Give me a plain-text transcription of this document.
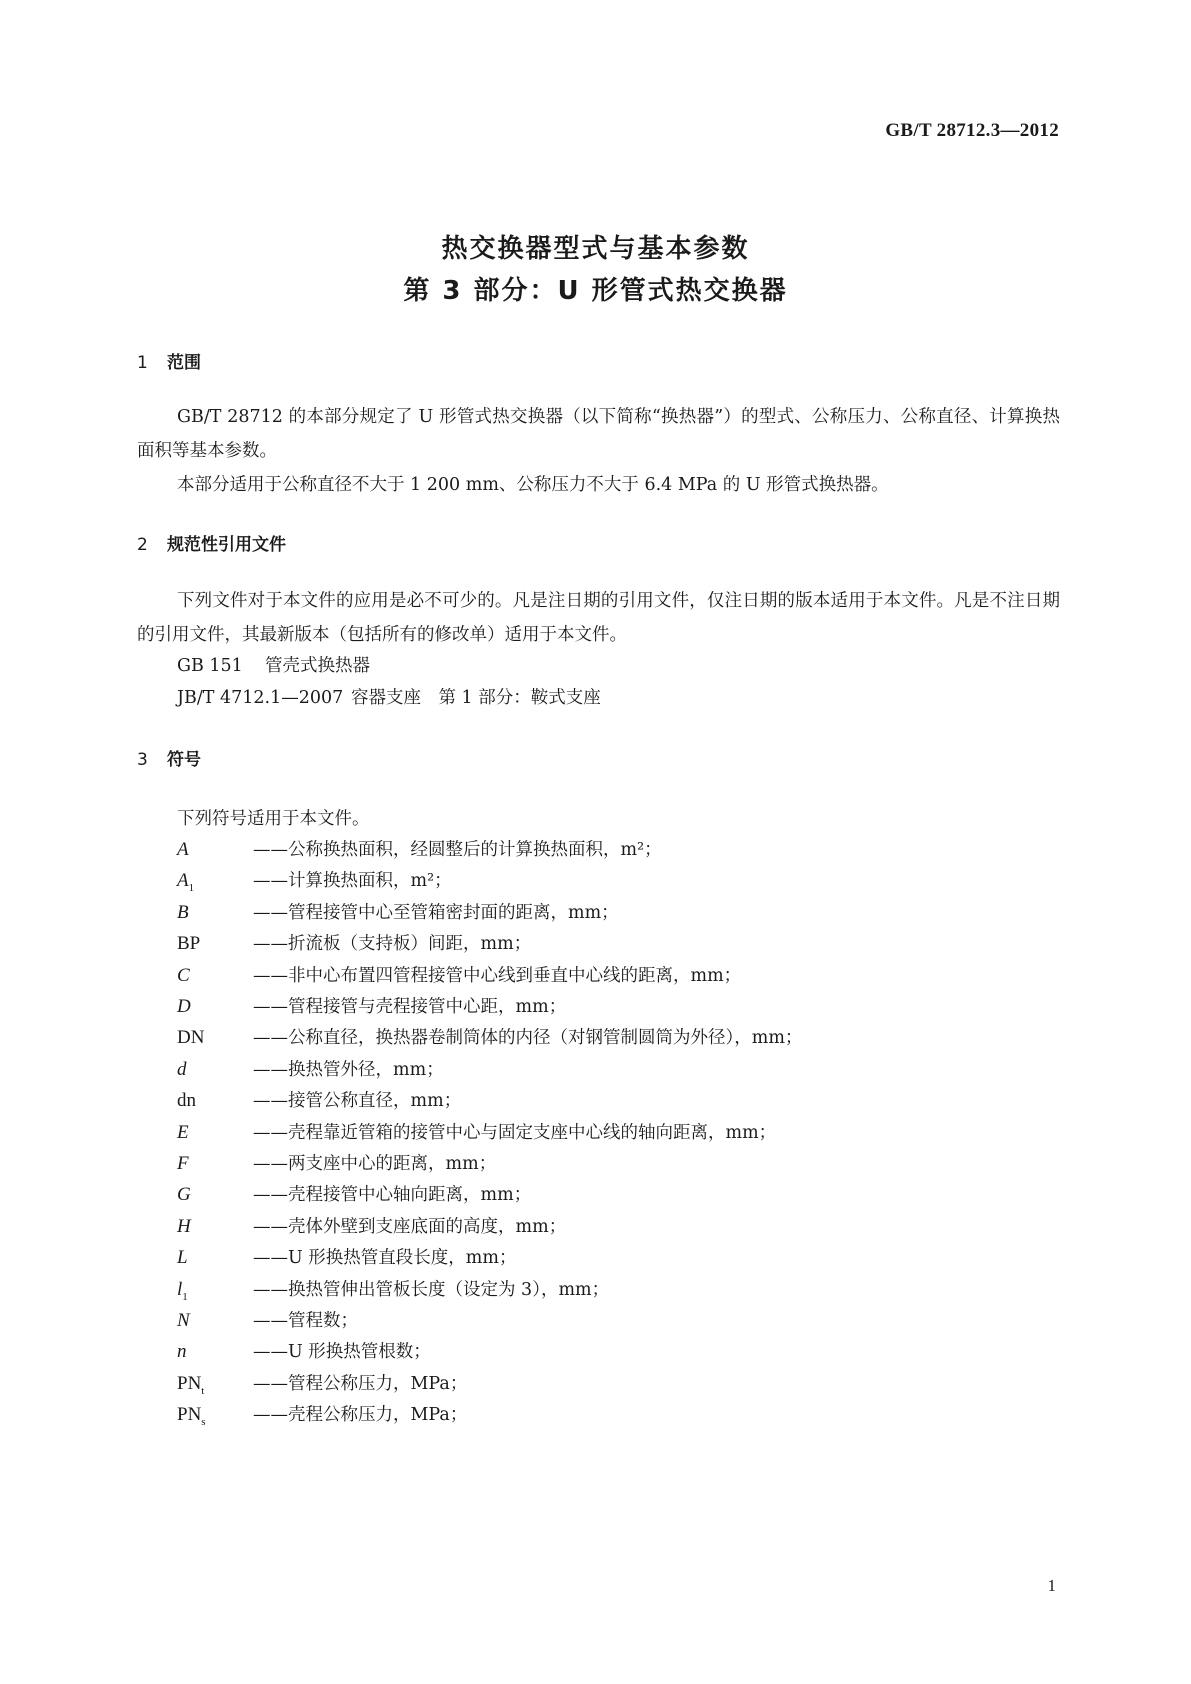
GB/T 28712.3—2012
热交换器型式与基本参数
第 3 部分：U 形管式热交换器
1 范围

GB/T 28712 的本部分规定了 U 形管式热交换器（以下简称“换热器”）的型式、公称压力、公称直径、计算换热面积等基本参数。

本部分适用于公称直径不大于 1 200 mm、公称压力不大于 6.4 MPa 的 U 形管式换热器。

2 规范性引用文件

下列文件对于本文件的应用是必不可少的。凡是注日期的引用文件，仅注日期的版本适用于本文件。凡是不注日期的引用文件，其最新版本（包括所有的修改单）适用于本文件。

GB 151 管壳式换热器
JB/T 4712.1—2007 容器支座　第 1 部分：鞍式支座
3 符号
下列符号适用于本文件。
A	——公称换热面积，经圆整后的计算换热面积，m²；
$A_1$	——计算换热面积，m²；
B	——管程接管中心至管箱密封面的距离，mm；
BP	——折流板（支持板）间距，mm；
C	——非中心布置四管程接管中心线到垂直中心线的距离，mm；
D	——管程接管与壳程接管中心距，mm；
DN	——公称直径，换热器卷制筒体的内径（对钢管制圆筒为外径），mm；
d	——换热管外径，mm；
dn	——接管公称直径，mm；
E	——壳程靠近管箱的接管中心与固定支座中心线的轴向距离，mm；
F	——两支座中心的距离，mm；
G	——壳程接管中心轴向距离，mm；
H	——壳体外壁到支座底面的高度，mm；
L	——U 形换热管直段长度，mm；
$l_1$	——换热管伸出管板长度（设定为 3），mm；
N	——管程数；
n	——U 形换热管根数；
$PN_t$	——管程公称压力，MPa；
$PN_s$	——壳程公称压力，MPa；
1
